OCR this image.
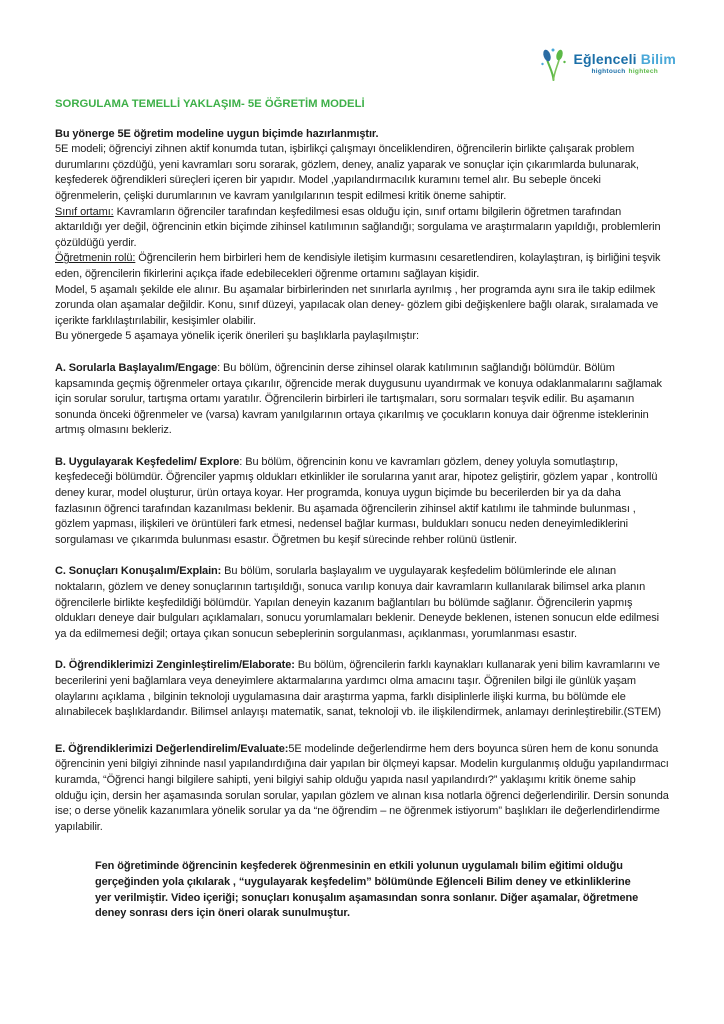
Eğlenceli Bilim
hightouch hightech
SORGULAMA TEMELLİ YAKLAŞIM- 5E ÖĞRETİM MODELİ

Bu yönerge 5E öğretim modeline uygun biçimde hazırlanmıştır.

5E modeli; öğrenciyi zihnen aktif konumda tutan, işbirlikçi çalışmayı önceliklendiren, öğrencilerin birlikte çalışarak problem durumlarını çözdüğü, yeni kavramları soru sorarak, gözlem, deney, analiz yaparak ve sonuçlar için çıkarımlarda bulunarak, keşfederek öğrendikleri süreçleri içeren bir yapıdır. Model ,yapılandırmacılık kuramını temel alır. Bu sebeple önceki öğrenmelerin, çelişki durumlarının ve kavram yanılgılarının tespit edilmesi kritik öneme sahiptir.

Sınıf ortamı: Kavramların öğrenciler tarafından keşfedilmesi esas olduğu için, sınıf ortamı bilgilerin öğretmen tarafından aktarıldığı yer değil, öğrencinin etkin biçimde zihinsel katılımının sağlandığı; sorgulama ve araştırmaların yapıldığı, problemlerin çözüldüğü yerdir.

Öğretmenin rolü: Öğrencilerin hem birbirleri hem de kendisiyle iletişim kurmasını cesaretlendiren, kolaylaştıran, iş birliğini teşvik eden, öğrencilerin fikirlerini açıkça ifade edebilecekleri öğrenme ortamını sağlayan kişidir.

Model, 5 aşamalı şekilde ele alınır. Bu aşamalar birbirlerinden net sınırlarla ayrılmış , her programda aynı sıra ile takip edilmek zorunda olan aşamalar değildir. Konu, sınıf düzeyi, yapılacak olan deney- gözlem gibi değişkenlere bağlı olarak, sıralamada ve içerikte farklılaştırılabilir, kesişimler olabilir.

Bu yönergede 5 aşamaya yönelik içerik önerileri şu başlıklarla paylaşılmıştır:

A. Sorularla Başlayalım/Engage: Bu bölüm, öğrencinin derse zihinsel olarak katılımının sağlandığı bölümdür. Bölüm kapsamında geçmiş öğrenmeler ortaya çıkarılır, öğrencide merak duygusunu uyandırmak ve konuya odaklanmalarını sağlamak için sorular sorulur, tartışma ortamı yaratılır. Öğrencilerin birbirleri ile tartışmaları, soru sormaları teşvik edilir. Bu aşamanın sonunda önceki öğrenmeler ve (varsa) kavram yanılgılarının ortaya çıkarılmış ve çocukların konuya dair öğrenme isteklerinin artmış olmasını bekleriz.

B. Uygulayarak Keşfedelim/ Explore: Bu bölüm, öğrencinin konu ve kavramları gözlem, deney yoluyla somutlaştırıp, keşfedeceği bölümdür. Öğrenciler yapmış oldukları etkinlikler ile sorularına yanıt arar, hipotez geliştirir, gözlem yapar , kontrollü deney kurar, model oluşturur, ürün ortaya koyar. Her programda, konuya uygun biçimde bu becerilerden bir ya da daha fazlasının öğrenci tarafından kazanılması beklenir. Bu aşamada öğrencilerin zihinsel aktif katılımı ile tahminde bulunması , gözlem yapması, ilişkileri ve örüntüleri fark etmesi, nedensel bağlar kurması, buldukları sonucu neden deneyimlediklerini sorgulaması ve çıkarımda bulunması esastır. Öğretmen bu keşif sürecinde rehber rolünü üstlenir.

C. Sonuçları Konuşalım/Explain: Bu bölüm, sorularla başlayalım ve uygulayarak keşfedelim bölümlerinde ele alınan noktaların, gözlem ve deney sonuçlarının tartışıldığı, sonuca varılıp konuya dair kavramların kullanılarak bilimsel arka planın öğrencilerle birlikte keşfedildiği bölümdür. Yapılan deneyin kazanım bağlantıları bu bölümde sağlanır. Öğrencilerin yapmış oldukları deneye dair bulguları açıklamaları, sonucu yorumlamaları beklenir. Deneyde beklenen, istenen sonucun elde edilmesi ya da edilmemesi değil; ortaya çıkan sonucun sebeplerinin sorgulanması, açıklanması, yorumlanması esastır.

D. Öğrendiklerimizi Zenginleştirelim/Elaborate: Bu bölüm, öğrencilerin farklı kaynakları kullanarak yeni bilim kavramlarını ve becerilerini yeni bağlamlara veya deneyimlere aktarmalarına yardımcı olma amacını taşır. Öğrenilen bilgi ile günlük yaşam olaylarını açıklama , bilginin teknoloji uygulamasına dair araştırma yapma, farklı disiplinlerle ilişki kurma, bu bölümde ele alınabilecek başlıklardandır. Bilimsel anlayışı matematik, sanat, teknoloji vb. ile ilişkilendirmek, anlamayı derinleştirebilir.(STEM)

E. Öğrendiklerimizi Değerlendirelim/Evaluate:5E modelinde değerlendirme hem ders boyunca süren hem de konu sonunda öğrencinin yeni bilgiyi zihninde nasıl yapılandırdığına dair yapılan bir ölçmeyi kapsar. Modelin kurgulanmış olduğu yapılandırmacı kuramda, “Öğrenci hangi bilgilere sahipti, yeni bilgiyi sahip olduğu yapıda nasıl yapılandırdı?” yaklaşımı kritik öneme sahip olduğu için, dersin her aşamasında sorulan sorular, yapılan gözlem ve alınan kısa notlarla öğrenci değerlendirilir. Dersin sonunda ise; o derse yönelik kazanımlara yönelik sorular ya da “ne öğrendim – ne öğrenmek istiyorum” başlıkları ile değerlendirlendirme yapılabilir.

Fen öğretiminde öğrencinin keşfederek öğrenmesinin en etkili yolunun uygulamalı bilim eğitimi olduğu gerçeğinden yola çıkılarak , “uygulayarak keşfedelim” bölümünde Eğlenceli Bilim deney ve etkinliklerine yer verilmiştir. Video içeriği; sonuçları konuşalım aşamasından sonra sonlanır. Diğer aşamalar, öğretmene deney sonrası ders için öneri olarak sunulmuştur.
